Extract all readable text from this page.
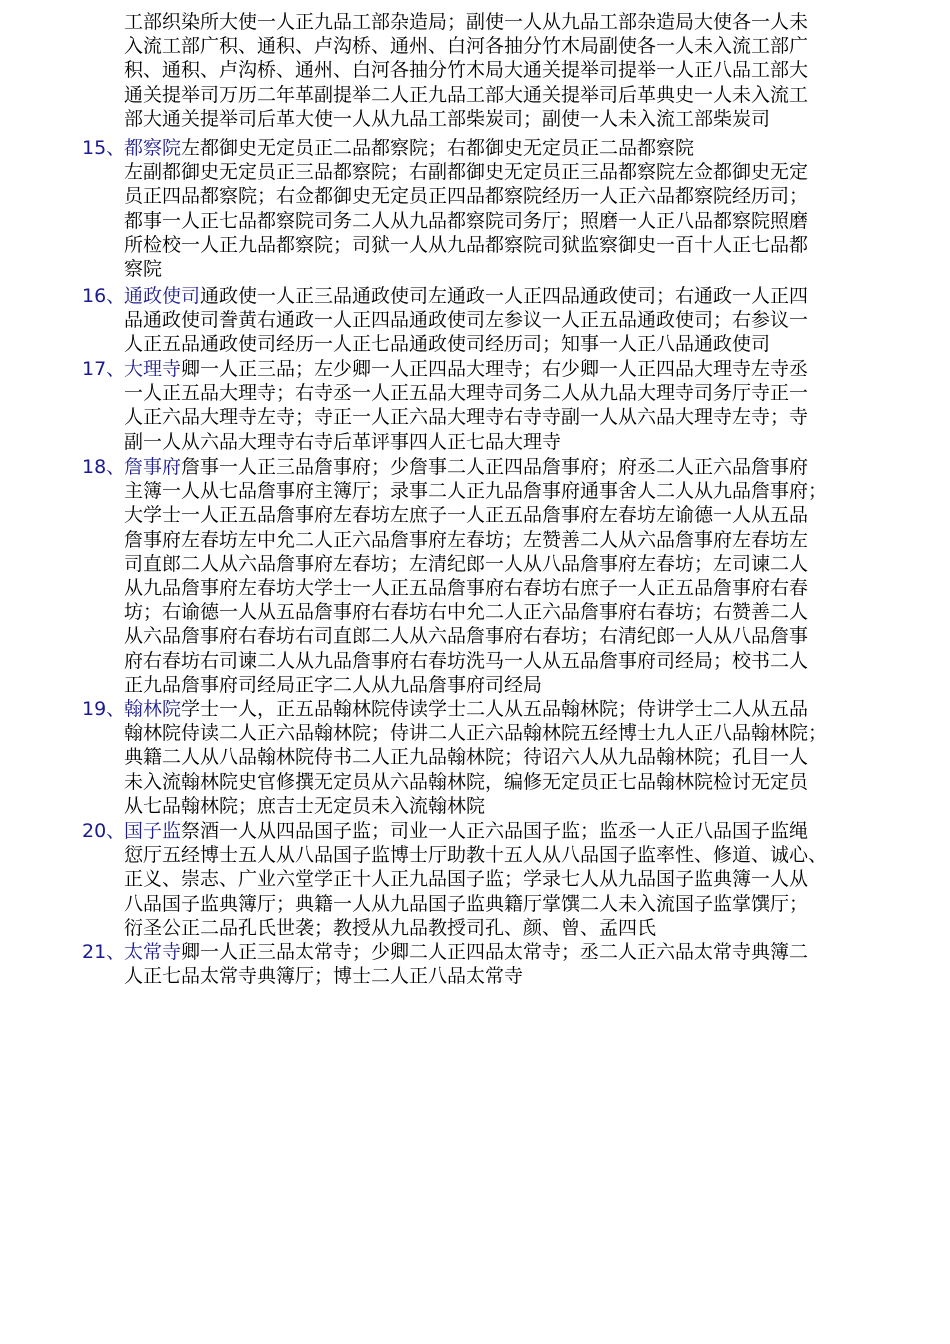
工部织染所大使一人正九品工部杂造局；副使一人从九品工部杂造局大使各一人未
入流工部广积、通积、卢沟桥、通州、白河各抽分竹木局副使各一人未入流工部广
积、通积、卢沟桥、通州、白河各抽分竹木局大通关提举司提举一人正八品工部大
通关提举司万历二年革副提举二人正九品工部大通关提举司后革典史一人未入流工
部大通关提举司后革大使一人从九品工部柴炭司；副使一人未入流工部柴炭司
15、
都察院左都御史无定员正二品都察院；右都御史无定员正二品都察院
左副都御史无定员正三品都察院；右副都御史无定员正三品都察院左佥都御史无定
员正四品都察院；右佥都御史无定员正四品都察院经历一人正六品都察院经历司；
都事一人正七品都察院司务二人从九品都察院司务厅；照磨一人正八品都察院照磨
所检校一人正九品都察院；司狱一人从九品都察院司狱监察御史一百十人正七品都
察院
16、
通政使司通政使一人正三品通政使司左通政一人正四品通政使司；右通政一人正四
品通政使司誊黄右通政一人正四品通政使司左参议一人正五品通政使司；右参议一
人正五品通政使司经历一人正七品通政使司经历司；知事一人正八品通政使司
17、
大理寺卿一人正三品；左少卿一人正四品大理寺；右少卿一人正四品大理寺左寺丞
一人正五品大理寺；右寺丞一人正五品大理寺司务二人从九品大理寺司务厅寺正一
人正六品大理寺左寺；寺正一人正六品大理寺右寺寺副一人从六品大理寺左寺；寺
副一人从六品大理寺右寺后革评事四人正七品大理寺
18、
詹事府詹事一人正三品詹事府；少詹事二人正四品詹事府；府丞二人正六品詹事府
主簿一人从七品詹事府主簿厅；录事二人正九品詹事府通事舍人二人从九品詹事府；
大学士一人正五品詹事府左春坊左庶子一人正五品詹事府左春坊左谕德一人从五品
詹事府左春坊左中允二人正六品詹事府左春坊；左赞善二人从六品詹事府左春坊左
司直郎二人从六品詹事府左春坊；左清纪郎一人从八品詹事府左春坊；左司谏二人
从九品詹事府左春坊大学士一人正五品詹事府右春坊右庶子一人正五品詹事府右春
坊；右谕德一人从五品詹事府右春坊右中允二人正六品詹事府右春坊；右赞善二人
从六品詹事府右春坊右司直郎二人从六品詹事府右春坊；右清纪郎一人从八品詹事
府右春坊右司谏二人从九品詹事府右春坊洗马一人从五品詹事府司经局；校书二人
正九品詹事府司经局正字二人从九品詹事府司经局
19、
翰林院学士一人，正五品翰林院侍读学士二人从五品翰林院；侍讲学士二人从五品
翰林院侍读二人正六品翰林院；侍讲二人正六品翰林院五经博士九人正八品翰林院；
典籍二人从八品翰林院侍书二人正九品翰林院；待诏六人从九品翰林院；孔目一人
未入流翰林院史官修撰无定员从六品翰林院，编修无定员正七品翰林院检讨无定员
从七品翰林院；庶吉士无定员未入流翰林院
20、
国子监祭酒一人从四品国子监；司业一人正六品国子监；监丞一人正八品国子监绳
愆厅五经博士五人从八品国子监博士厅助教十五人从八品国子监率性、修道、诚心、
正义、崇志、广业六堂学正十人正九品国子监；学录七人从九品国子监典簿一人从
八品国子监典簿厅；典籍一人从九品国子监典籍厅掌馔二人未入流国子监掌馔厅；
衍圣公正二品孔氏世袭；教授从九品教授司孔、颜、曾、孟四氏
21、
太常寺卿一人正三品太常寺；少卿二人正四品太常寺；丞二人正六品太常寺典簿二
人正七品太常寺典簿厅；博士二人正八品太常寺
